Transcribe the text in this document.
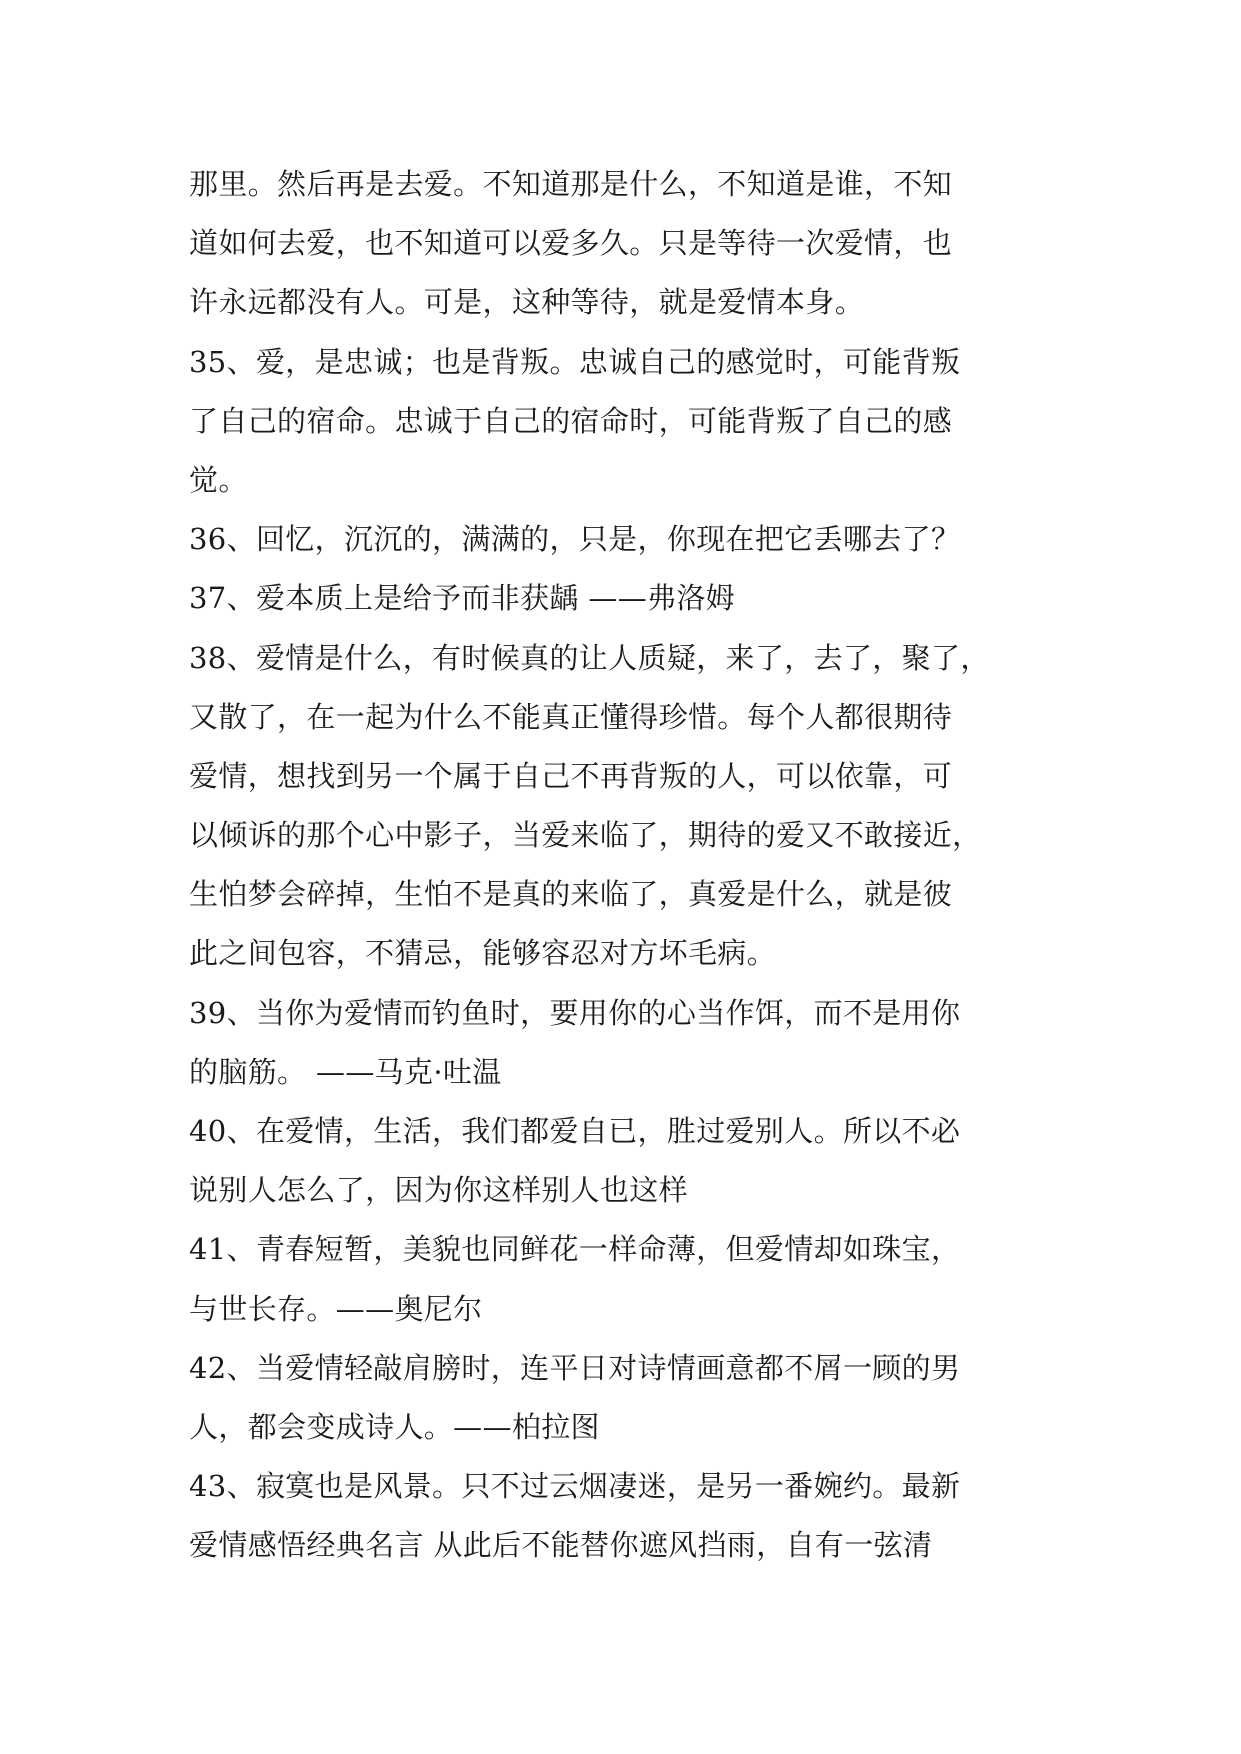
那里。然后再是去爱。不知道那是什么，不知道是谁，不知
道如何去爱，也不知道可以爱多久。只是等待一次爱情，也
许永远都没有人。可是，这种等待，就是爱情本身。
35、爱，是忠诚；也是背叛。忠诚自己的感觉时，可能背叛
了自己的宿命。忠诚于自己的宿命时，可能背叛了自己的感
觉。
36、回忆，沉沉的，满满的，只是，你现在把它丢哪去了？
37、爱本质上是给予而非获龋 ——弗洛姆
38、爱情是什么，有时候真的让人质疑，来了，去了，聚了，
又散了，在一起为什么不能真正懂得珍惜。每个人都很期待
爱情，想找到另一个属于自己不再背叛的人，可以依靠，可
以倾诉的那个心中影子，当爱来临了，期待的爱又不敢接近，
生怕梦会碎掉，生怕不是真的来临了，真爱是什么，就是彼
此之间包容，不猜忌，能够容忍对方坏毛病。
39、当你为爱情而钓鱼时，要用你的心当作饵，而不是用你
的脑筋。 ——马克·吐温
40、在爱情，生活，我们都爱自已，胜过爱别人。所以不必
说别人怎么了，因为你这样别人也这样
41、青春短暂，美貌也同鲜花一样命薄，但爱情却如珠宝，
与世长存。——奥尼尔
42、当爱情轻敲肩膀时，连平日对诗情画意都不屑一顾的男
人，都会变成诗人。——柏拉图
43、寂寞也是风景。只不过云烟凄迷，是另一番婉约。最新
爱情感悟经典名言 从此后不能替你遮风挡雨，自有一弦清
